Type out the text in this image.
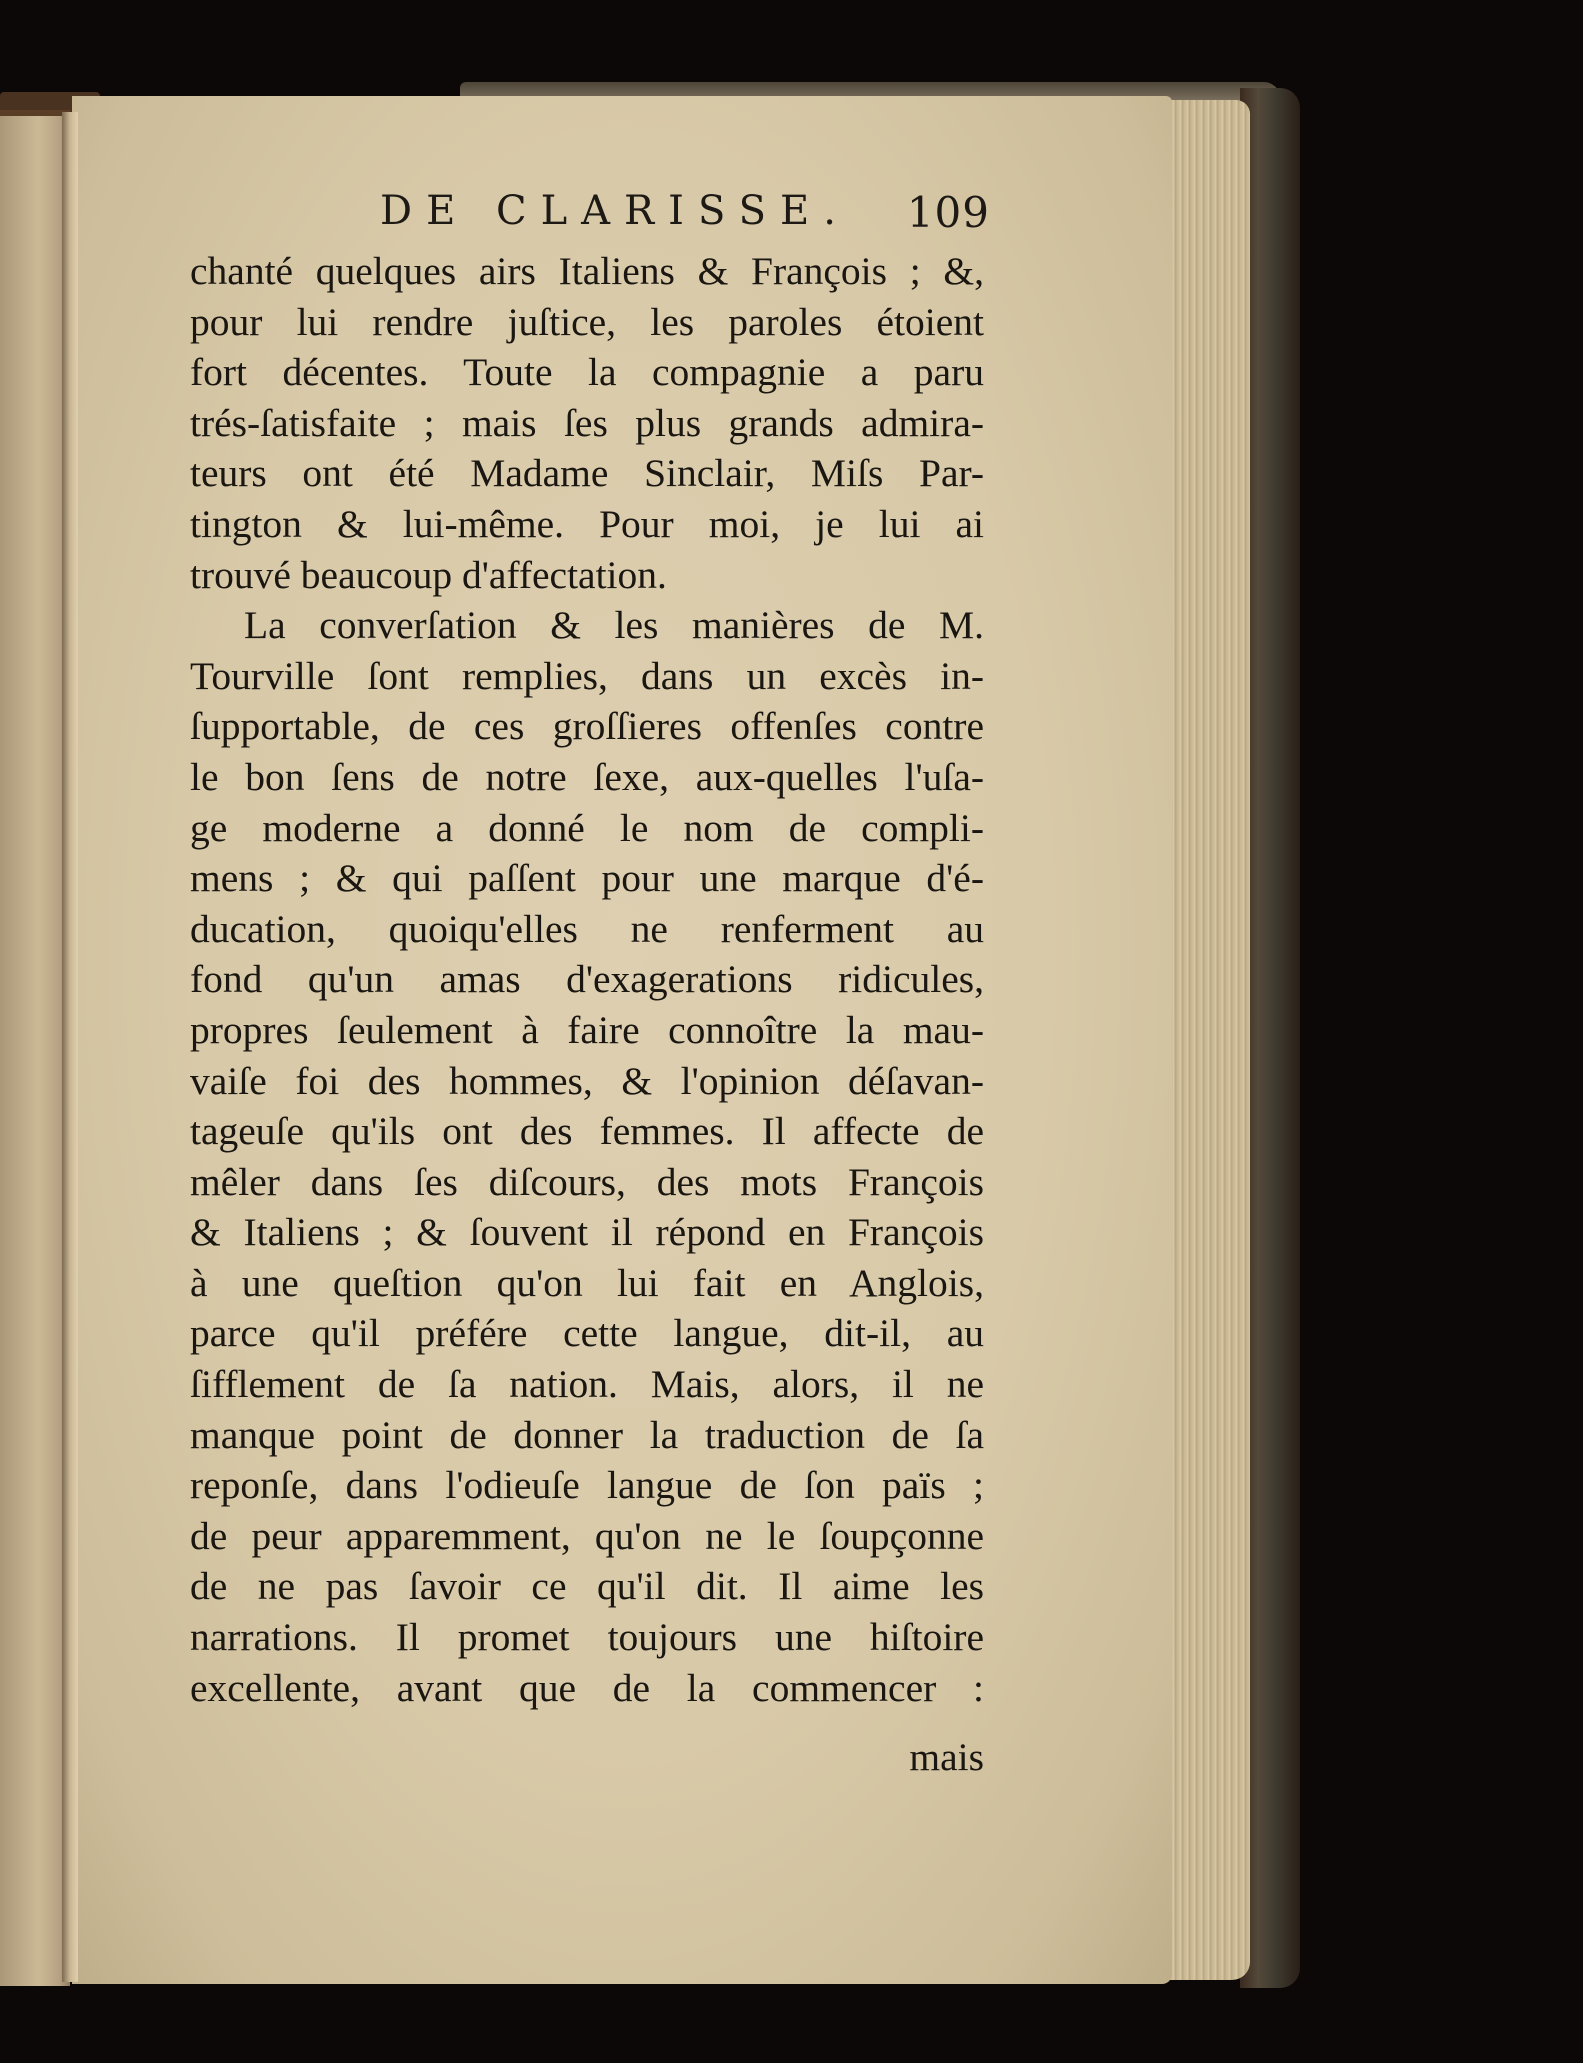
DE CLARISSE. 109
chanté quelques airs Italiens & François ; &,
pour lui rendre juſtice, les paroles étoient
fort décentes. Toute la compagnie a paru
trés-ſatisfaite ; mais ſes plus grands admira-
teurs ont été Madame Sinclair, Miſs Par-
tington & lui-même. Pour moi, je lui ai
trouvé beaucoup d'affectation.
La converſation & les manières de M.
Tourville ſont remplies, dans un excès in-
ſupportable, de ces groſſieres offenſes contre
le bon ſens de notre ſexe, aux-quelles l'uſa-
ge moderne a donné le nom de compli-
mens ; & qui paſſent pour une marque d'é-
ducation, quoiqu'elles ne renferment au
fond qu'un amas d'exagerations ridicules,
propres ſeulement à faire connoître la mau-
vaiſe foi des hommes, & l'opinion déſavan-
tageuſe qu'ils ont des femmes. Il affecte de
mêler dans ſes diſcours, des mots François
& Italiens ; & ſouvent il répond en François
à une queſtion qu'on lui fait en Anglois,
parce qu'il préfére cette langue, dit-il, au
ſifflement de ſa nation. Mais, alors, il ne
manque point de donner la traduction de ſa
reponſe, dans l'odieuſe langue de ſon païs ;
de peur apparemment, qu'on ne le ſoupçonne
de ne pas ſavoir ce qu'il dit. Il aime les
narrations. Il promet toujours une hiſtoire
excellente, avant que de la commencer :
mais
